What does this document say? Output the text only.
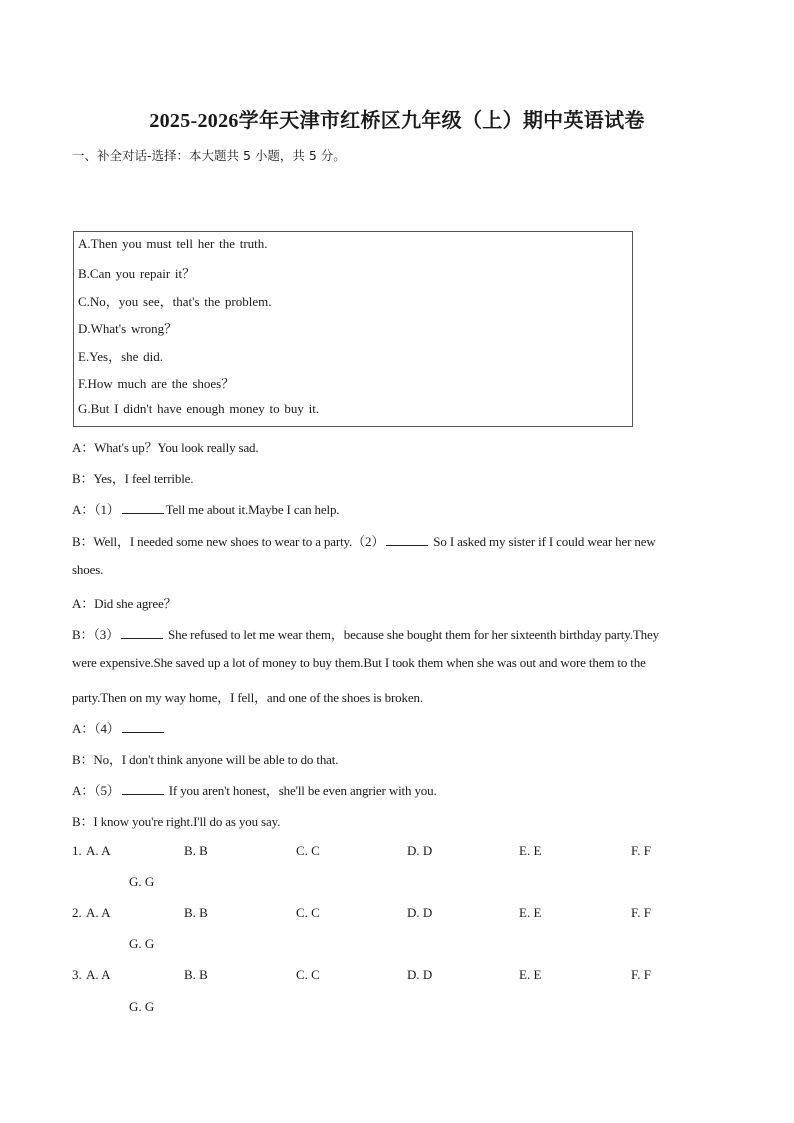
2025-2026学年天津市红桥区九年级（上）期中英语试卷
一、补全对话-选择：本大题共 5 小题，共 5 分。
A.Then you must tell her the truth.
B.Can you repair it？
C.No，you see，that's the problem.
D.What's wrong？
E.Yes，she did.
F.How much are the shoes？
G.But I didn't have enough money to buy it.
A：What's up？You look really sad.
B：Yes，I feel terrible.
A：（1）	Tell me about it.Maybe I can help.
B：Well，I needed some new shoes to wear to a party.（2）	So I asked my sister if I could wear her new
shoes.
A：Did she agree？
B：（3）	She refused to let me wear them，because she bought them for her sixteenth birthday party.They
were expensive.She saved up a lot of money to buy them.But I took them when she was out and wore them to the
party.Then on my way home，I fell，and one of the shoes is broken.
A：（4）
B：No，I don't think anyone will be able to do that.
A：（5）	If you aren't honest，she'll be even angrier with you.
B：I know you're right.I'll do as you say.
1. A. A	B. B	C. C	D. D	E. E	F. F
G. G
2. A. A	B. B	C. C	D. D	E. E	F. F
G. G
3. A. A	B. B	C. C	D. D	E. E	F. F
G. G
